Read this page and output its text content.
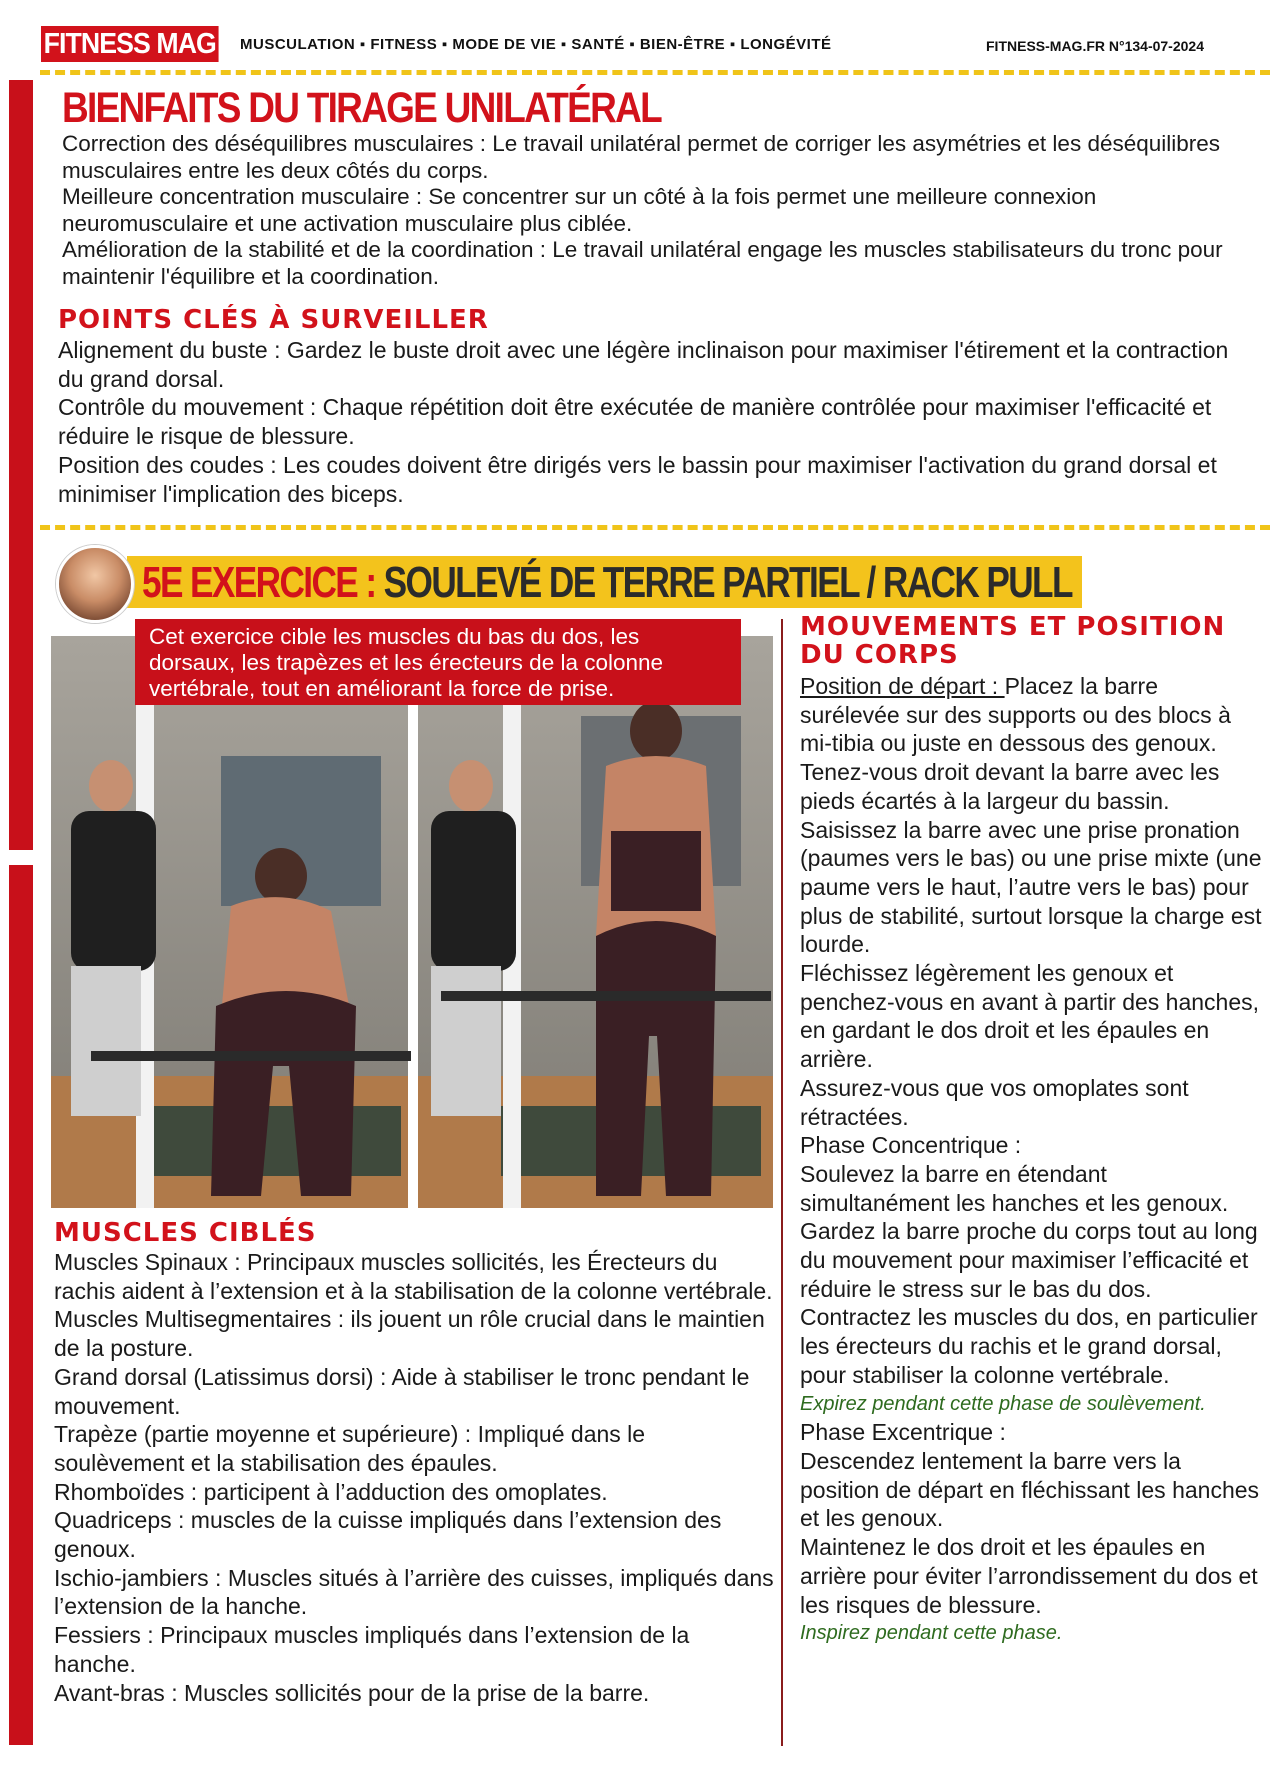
FITNESS MAG MUSCULATION ▪ FITNESS ▪ MODE DE VIE ▪ SANTÉ ▪ BIEN-ÊTRE ▪ LONGÉVITÉ	FITNESS-MAG.FR N°134-07-2024
BIENFAITS DU TIRAGE UNILATÉRAL

Correction des déséquilibres musculaires : Le travail unilatéral permet de corriger les asymétries et les déséquilibres musculaires entre les deux côtés du corps.

Meilleure concentration musculaire : Se concentrer sur un côté à la fois permet une meilleure connexion neuromusculaire et une activation musculaire plus ciblée.

Amélioration de la stabilité et de la coordination : Le travail unilatéral engage les muscles stabilisateurs du tronc pour maintenir l'équilibre et la coordination.

POINTS CLÉS À SURVEILLER

Alignement du buste : Gardez le buste droit avec une légère inclinaison pour maximiser l'étirement et la contraction du grand dorsal.

Contrôle du mouvement : Chaque répétition doit être exécutée de manière contrôlée pour maximiser l'efficacité et réduire le risque de blessure.

Position des coudes : Les coudes doivent être dirigés vers le bassin pour maximiser l'activation du grand dorsal et minimiser l'implication des biceps.

5E EXERCICE : SOULEVÉ DE TERRE PARTIEL / RACK PULL
Cet exercice cible les muscles du bas du dos, les dorsaux, les trapèzes et les érecteurs de la colonne vertébrale, tout en améliorant la force de prise.
MUSCLES CIBLÉS

Muscles Spinaux : Principaux muscles sollicités, les Érecteurs du rachis aident à l’extension et à la stabilisation de la colonne vertébrale.

Muscles Multisegmentaires : ils jouent un rôle crucial dans le maintien de la posture.

Grand dorsal (Latissimus dorsi) : Aide à stabiliser le tronc pendant le mouvement.

Trapèze (partie moyenne et supérieure) : Impliqué dans le soulèvement et la stabilisation des épaules.

Rhomboïdes : participent à l’adduction des omoplates.

Quadriceps : muscles de la cuisse impliqués dans l’extension des genoux.

Ischio-jambiers : Muscles situés à l’arrière des cuisses, impliqués dans l’extension de la hanche.

Fessiers : Principaux muscles impliqués dans l’extension de la hanche.

Avant-bras : Muscles sollicités pour de la prise de la barre.

MOUVEMENTS ET POSITION
DU CORPS

Position de départ : Placez la barre surélevée sur des supports ou des blocs à mi-tibia ou juste en dessous des genoux.

Tenez-vous droit devant la barre avec les pieds écartés à la largeur du bassin.

Saisissez la barre avec une prise pronation (paumes vers le bas) ou une prise mixte (une paume vers le haut, l’autre vers le bas) pour plus de stabilité, surtout lorsque la charge est lourde.

Fléchissez légèrement les genoux et penchez-vous en avant à partir des hanches, en gardant le dos droit et les épaules en arrière.

Assurez-vous que vos omoplates sont rétractées.

Phase Concentrique :

Soulevez la barre en étendant simultanément les hanches et les genoux.

Gardez la barre proche du corps tout au long du mouvement pour maximiser l’efficacité et réduire le stress sur le bas du dos.

Contractez les muscles du dos, en particulier les érecteurs du rachis et le grand dorsal, pour stabiliser la colonne vertébrale.

Expirez pendant cette phase de soulèvement.

Phase Excentrique :

Descendez lentement la barre vers la position de départ en fléchissant les hanches et les genoux.

Maintenez le dos droit et les épaules en arrière pour éviter l’arrondissement du dos et les risques de blessure.

Inspirez pendant cette phase.
